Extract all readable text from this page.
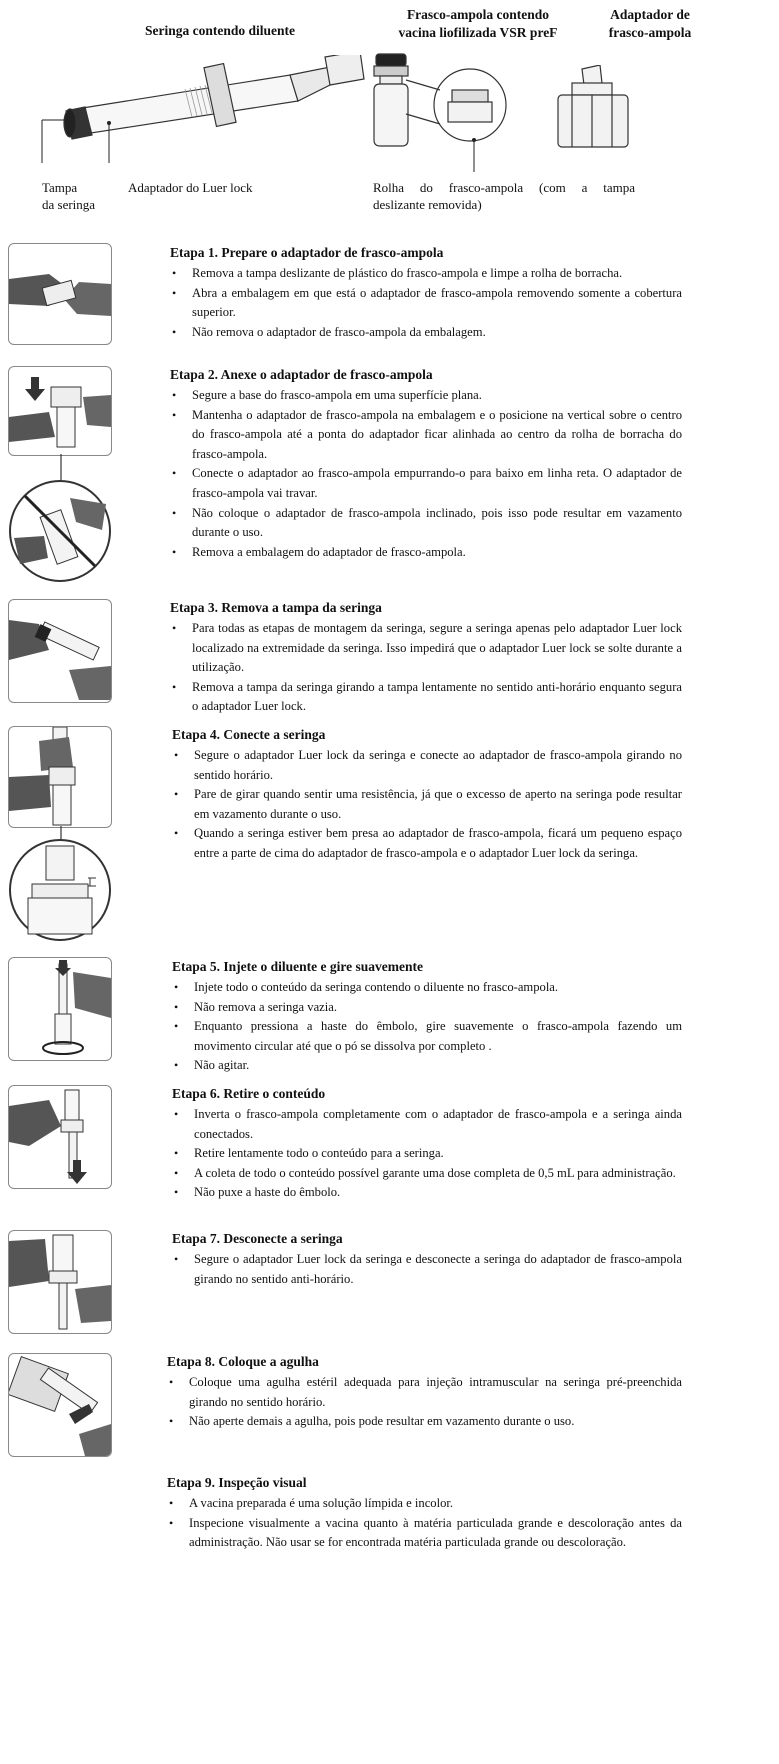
Seringa contendo diluente
Frasco-ampola contendo
vacina liofilizada VSR preF
Adaptador de
frasco-ampola
Tampa
da seringa
Adaptador do Luer lock	Rolha do frasco-ampola (com a tampa
deslizante removida)
Etapa 1. Prepare o adaptador de frasco-ampola
• Remova a tampa deslizante de plástico do frasco-ampola e limpe a rolha de borracha.
• Abra a embalagem em que está o adaptador de frasco-ampola removendo somente a cobertura superior.
• Não remova o adaptador de frasco-ampola da embalagem.
Etapa 2. Anexe o adaptador de frasco-ampola
• Segure a base do frasco-ampola em uma superfície plana.
• Mantenha o adaptador de frasco-ampola na embalagem e o posicione na vertical sobre o centro do frasco-ampola até a ponta do adaptador ficar alinhada ao centro da rolha de borracha do frasco-ampola.
• Conecte o adaptador ao frasco-ampola empurrando-o para baixo em linha reta. O adaptador de frasco-ampola vai travar.
• Não coloque o adaptador de frasco-ampola inclinado, pois isso pode resultar em vazamento durante o uso.
• Remova a embalagem do adaptador de frasco-ampola.
Etapa 3. Remova a tampa da seringa
• Para todas as etapas de montagem da seringa, segure a seringa apenas pelo adaptador Luer lock localizado na extremidade da seringa. Isso impedirá que o adaptador Luer lock se solte durante a utilização.
• Remova a tampa da seringa girando a tampa lentamente no sentido anti-horário enquanto segura o adaptador Luer lock.
Etapa 4. Conecte a seringa
• Segure o adaptador Luer lock da seringa e conecte ao adaptador de frasco-ampola girando no sentido horário.
• Pare de girar quando sentir uma resistência, já que o excesso de aperto na seringa pode resultar em vazamento durante o uso.
• Quando a seringa estiver bem presa ao adaptador de frasco-ampola, ficará um pequeno espaço entre a parte de cima do adaptador de frasco-ampola e o adaptador Luer lock da seringa.
Etapa 5. Injete o diluente e gire suavemente
• Injete todo o conteúdo da seringa contendo o diluente no frasco-ampola.
• Não remova a seringa vazia.
• Enquanto pressiona a haste do êmbolo, gire suavemente o frasco-ampola fazendo um movimento circular até que o pó se dissolva por completo .
• Não agitar.
Etapa 6. Retire o conteúdo
• Inverta o frasco-ampola completamente com o adaptador de frasco-ampola e a seringa ainda conectados.
• Retire lentamente todo o conteúdo para a seringa.
• A coleta de todo o conteúdo possível garante uma dose completa de 0,5 mL para administração.
• Não puxe a haste do êmbolo.
Etapa 7. Desconecte a seringa
• Segure o adaptador Luer lock da seringa e desconecte a seringa do adaptador de frasco-ampola girando no sentido anti-horário.
Etapa 8. Coloque a agulha
• Coloque uma agulha estéril adequada para injeção intramuscular na seringa pré-preenchida girando no sentido horário.
• Não aperte demais a agulha, pois pode resultar em vazamento durante o uso.
Etapa 9. Inspeção visual
• A vacina preparada é uma solução límpida e incolor.
• Inspecione visualmente a vacina quanto à matéria particulada grande e descoloração antes da administração. Não usar se for encontrada matéria particulada grande ou descoloração.
